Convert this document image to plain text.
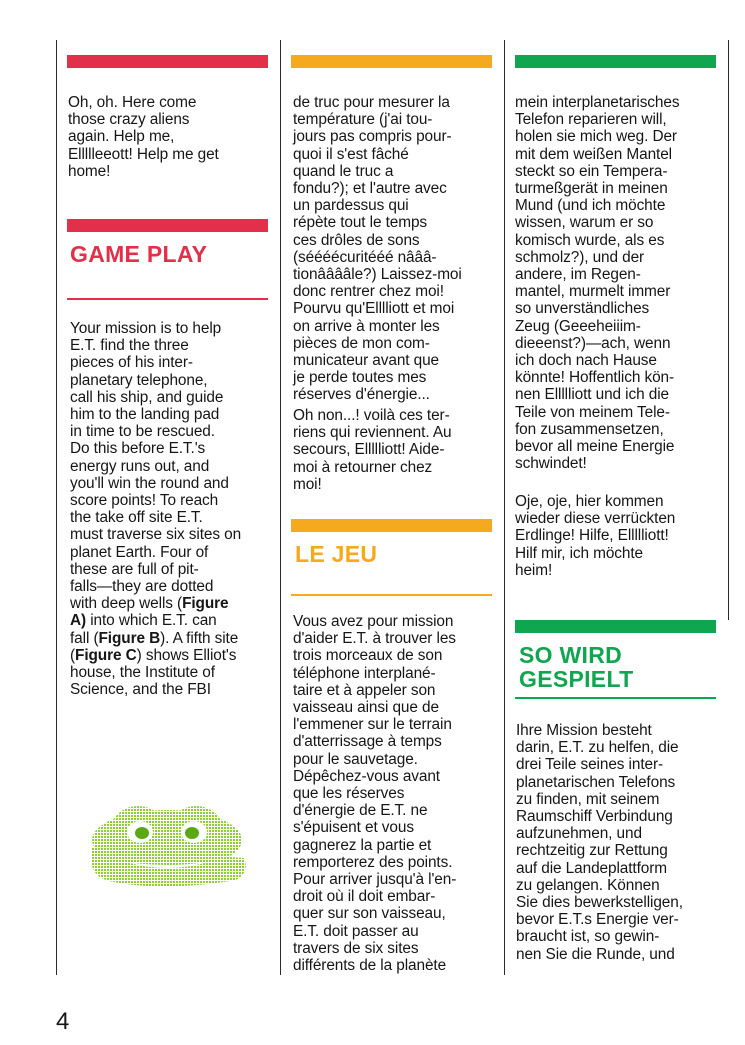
Oh, oh. Here come
those crazy aliens
again. Help me,
Ellllleeott! Help me get
home!
GAME PLAY
Your mission is to help
E.T. find the three
pieces of his inter-
planetary telephone,
call his ship, and guide
him to the landing pad
in time to be rescued.
Do this before E.T.'s
energy runs out, and
you'll win the round and
score points! To reach
the take off site E.T.
must traverse six sites on
planet Earth. Four of
these are full of pit-
falls—they are dotted
with deep wells (Figure
A) into which E.T. can
fall (Figure B). A fifth site
(Figure C) shows Elliot's
house, the Institute of
Science, and the FBI
de truc pour mesurer la
température (j'ai tou-
jours pas compris pour-
quoi il s'est fâché
quand le truc a
fondu?); et l'autre avec
un pardessus qui
répète tout le temps
ces drôles de sons
(séééécuritééé nâââ-
tionââââle?) Laissez-moi
donc rentrer chez moi!
Pourvu qu'Elllliott et moi
on arrive à monter les
pièces de mon com-
municateur avant que
je perde toutes mes
réserves d'énergie...
Oh non...! voilà ces ter-
riens qui reviennent. Au
secours, Ellllliott! Aide-
moi à retourner chez
moi!
LE JEU
Vous avez pour mission
d'aider E.T. à trouver les
trois morceaux de son
téléphone interplané-
taire et à appeler son
vaisseau ainsi que de
l'emmener sur le terrain
d'atterrissage à temps
pour le sauvetage.
Dépêchez-vous avant
que les réserves
d'énergie de E.T. ne
s'épuisent et vous
gagnerez la partie et
remporterez des points.
Pour arriver jusqu'à l'en-
droit où il doit embar-
quer sur son vaisseau,
E.T. doit passer au
travers de six sites
différents de la planète
mein interplanetarisches
Telefon reparieren will,
holen sie mich weg. Der
mit dem weißen Mantel
steckt so ein Tempera-
turmeßgerät in meinen
Mund (und ich möchte
wissen, warum er so
komisch wurde, als es
schmolz?), und der
andere, im Regen-
mantel, murmelt immer
so unverständliches
Zeug (Geeeheiiim-
dieeenst?)—ach, wenn
ich doch nach Hause
könnte! Hoffentlich kön-
nen Ellllliott und ich die
Teile von meinem Tele-
fon zusammensetzen,
bevor all meine Energie
schwindet!
Oje, oje, hier kommen
wieder diese verrückten
Erdlinge! Hilfe, Ellllliott!
Hilf mir, ich möchte
heim!
SO WIRD
GESPIELT
Ihre Mission besteht
darin, E.T. zu helfen, die
drei Teile seines inter-
planetarischen Telefons
zu finden, mit seinem
Raumschiff Verbindung
aufzunehmen, und
rechtzeitig zur Rettung
auf die Landeplattform
zu gelangen. Können
Sie dies bewerkstelligen,
bevor E.T.s Energie ver-
braucht ist, so gewin-
nen Sie die Runde, und
4
